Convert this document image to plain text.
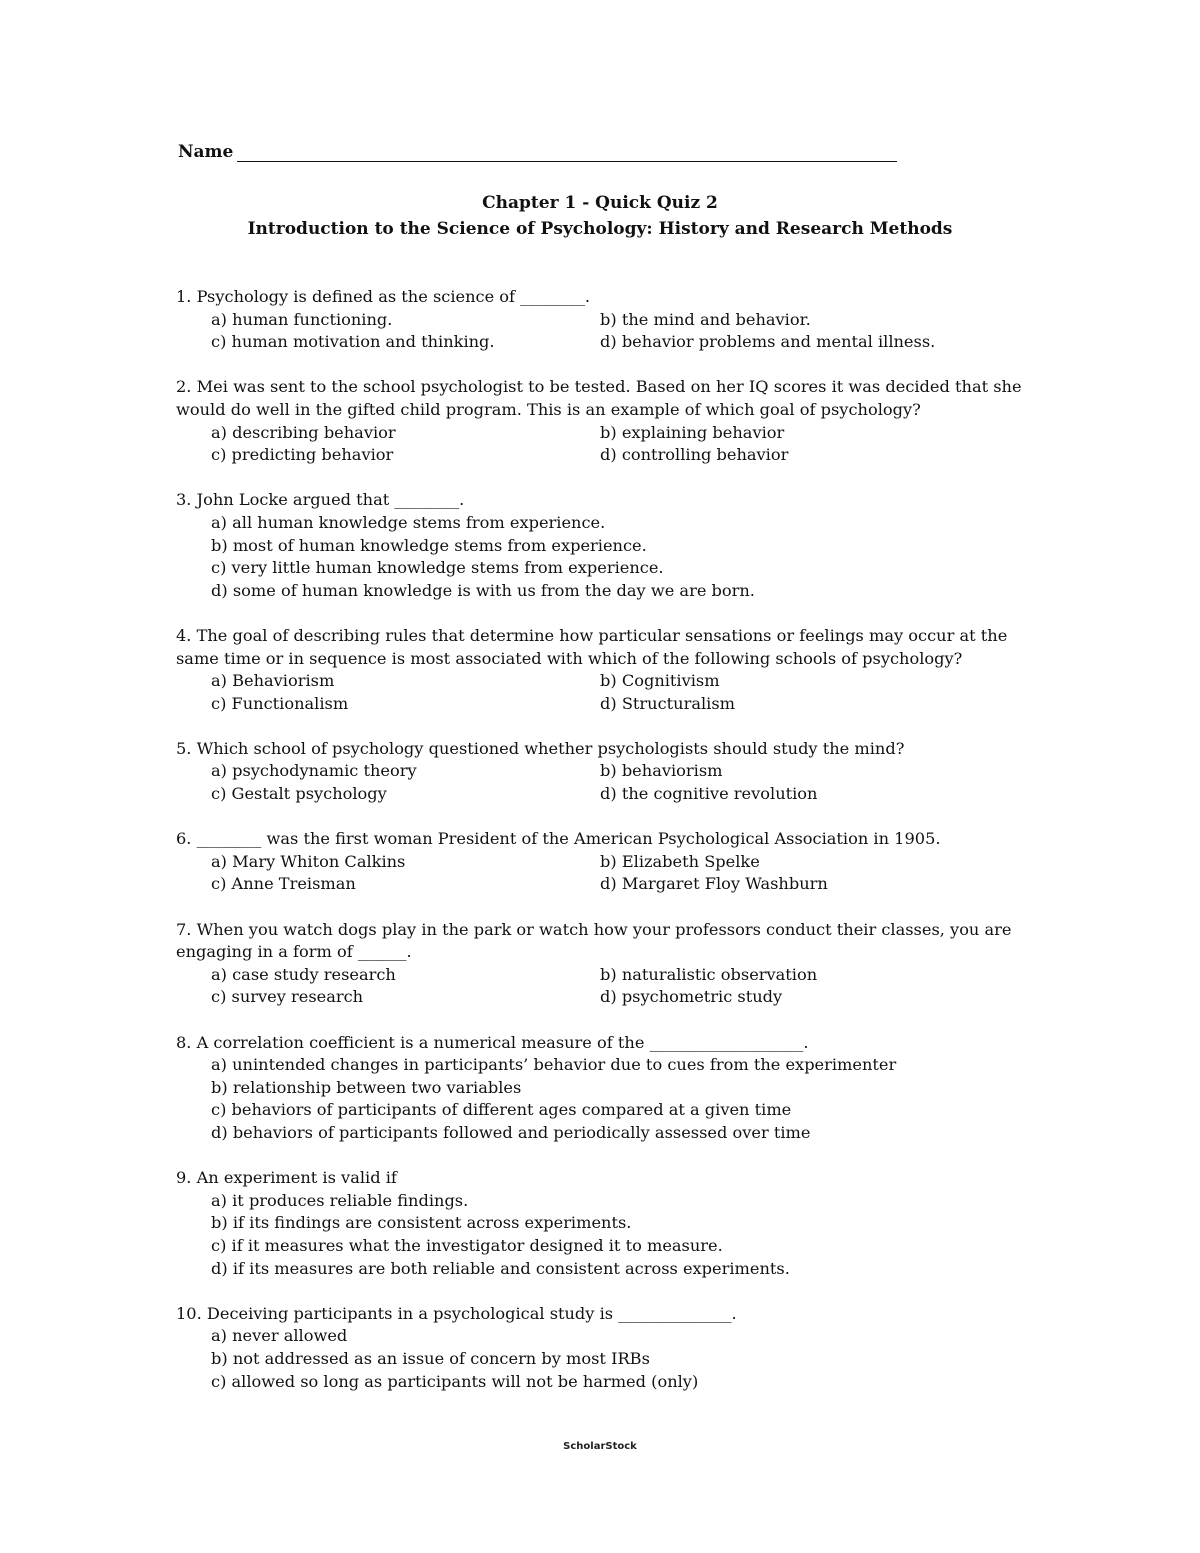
Name
Chapter 1 - Quick Quiz 2
Introduction to the Science of Psychology: History and Research Methods
1. Psychology is defined as the science of ________.
a) human functioning.	b) the mind and behavior.
c) human motivation and thinking.	d) behavior problems and mental illness.
2. Mei was sent to the school psychologist to be tested. Based on her IQ scores it was decided that she would do well in the gifted child program. This is an example of which goal of psychology?
a) describing behavior	b) explaining behavior
c) predicting behavior	d) controlling behavior
3. John Locke argued that ________.
a) all human knowledge stems from experience.
b) most of human knowledge stems from experience.
c) very little human knowledge stems from experience.
d) some of human knowledge is with us from the day we are born.
4. The goal of describing rules that determine how particular sensations or feelings may occur at the same time or in sequence is most associated with which of the following schools of psychology?
a) Behaviorism	b) Cognitivism
c) Functionalism	d) Structuralism
5. Which school of psychology questioned whether psychologists should study the mind?
a) psychodynamic theory	b) behaviorism
c) Gestalt psychology	d) the cognitive revolution
6. ________ was the first woman President of the American Psychological Association in 1905.
a) Mary Whiton Calkins	b) Elizabeth Spelke
c) Anne Treisman	d) Margaret Floy Washburn
7. When you watch dogs play in the park or watch how your professors conduct their classes, you are engaging in a form of ______.
a) case study research	b) naturalistic observation
c) survey research	d) psychometric study
8. A correlation coefficient is a numerical measure of the ___________________.
a) unintended changes in participants’ behavior due to cues from the experimenter
b) relationship between two variables
c) behaviors of participants of different ages compared at a given time
d) behaviors of participants followed and periodically assessed over time
9. An experiment is valid if
a) it produces reliable findings.
b) if its findings are consistent across experiments.
c) if it measures what the investigator designed it to measure.
d) if its measures are both reliable and consistent across experiments.
10. Deceiving participants in a psychological study is ______________.
a) never allowed
b) not addressed as an issue of concern by most IRBs
c) allowed so long as participants will not be harmed (only)
ScholarStock
